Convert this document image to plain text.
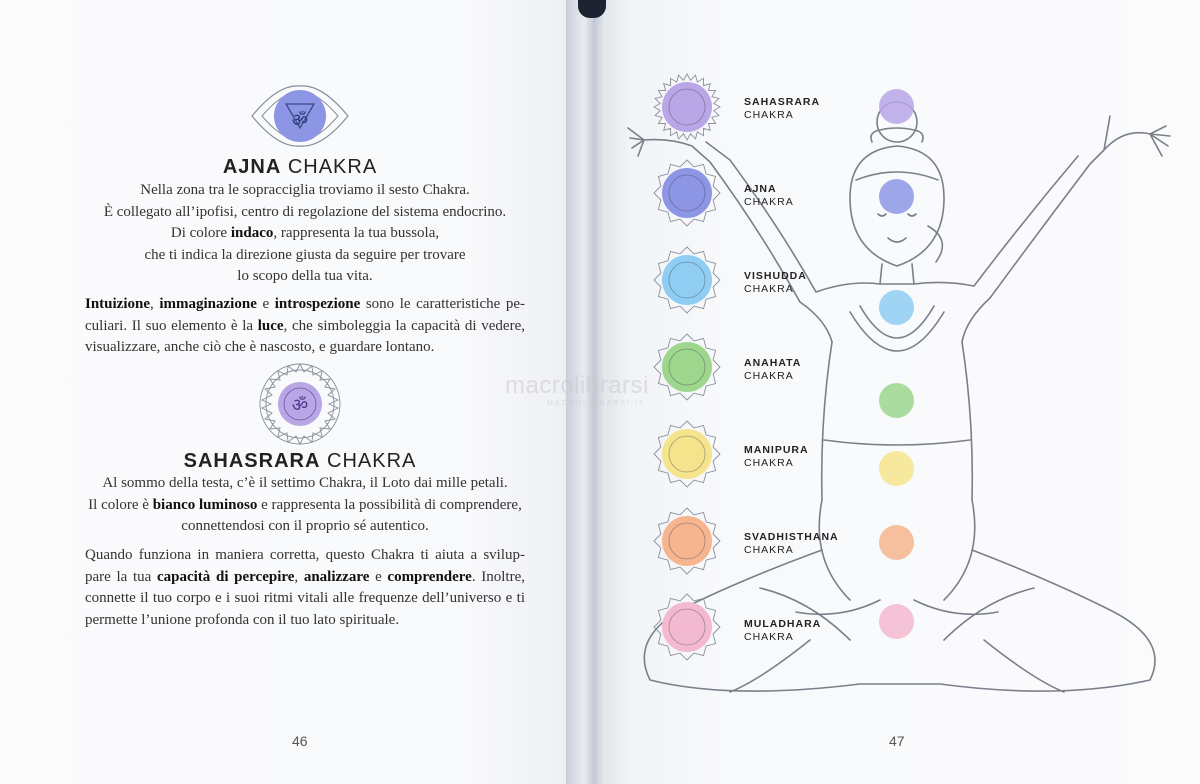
ॐ
AJNA CHAKRA
Nella zona tra le sopracciglia troviamo il sesto Chakra.
È collegato all’ipofisi, centro di regolazione del sistema endocrino.
Di colore indaco, rappresenta la tua bussola,
che ti indica la direzione giusta da seguire per trovare
lo scopo della tua vita.

Intuizione, immaginazione e introspezione sono le caratteristiche pe-culiari. Il suo elemento è la luce, che simboleggia la capacità di vedere, visualizzare, anche ciò che è nascosto, e guardare lontano.

ॐ
SAHASRARA CHAKRA
Al sommo della testa, c’è il settimo Chakra, il Loto dai mille petali.
Il colore è bianco luminoso e rappresenta la possibilità di comprendere,
connettendosi con il proprio sé autentico.

Quando funziona in maniera corretta, questo Chakra ti aiuta a svilup-pare la tua capacità di percepire, analizzare e comprendere. Inoltre, connette il tuo corpo e i suoi ritmi vitali alle frequenze dell’universo e ti permette l’unione profonda con il tuo lato spirituale.

46
macrolibrarsi
MACROLIBRARSI.IT
SAHASRARA
CHAKRA
AJNA
CHAKRA
VISHUDDA
CHAKRA
ANAHATA
CHAKRA
MANIPURA
CHAKRA
SVADHISTHANA
CHAKRA
MULADHARA
CHAKRA
47
